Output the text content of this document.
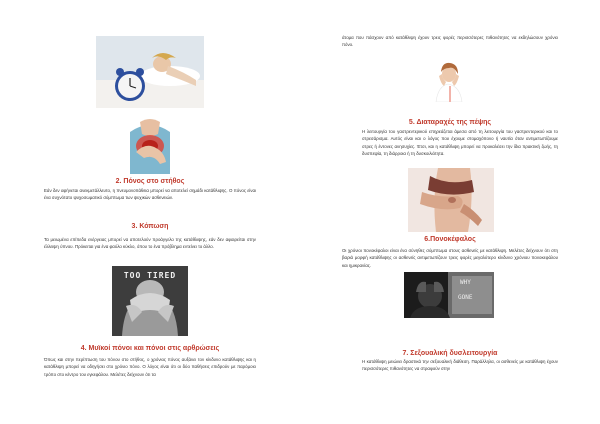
2. Πόνος στο στήθος

Εάν δεν αφήνεται ανεκμετάλλευτο, η πνευμονοπάθεια μπορεί να αποτελεί σημάδι κατάθλιψης. Ο πόνος είναι ένα συχνότατο ψυχοσωματικό σύμπτωμα των ψυχικών ασθενειών.

3. Κόπωση

Τα μειωμένα επίπεδα ενέργειας μπορεί να αποτελούν προάγγελο της κατάθλιψης, εάν δεν αφαιρείται στην έλλειψη ύπνου. Πρόκειται για ένα φαύλο κύκλο, όπου το ένα πρόβλημα εντείνει το άλλο.

TOO TIRED
4. Μυϊκοί πόνοι και πόνοι στις αρθρώσεις

Όπως και στην περίπτωση του πόνου στο στήθος, ο χρόνιος πόνος αυξάνει τον κίνδυνο κατάθλιψης και η κατάθλιψη μπορεί να οδηγήσει στο χρόνιο πόνο. Ο λόγος είναι ότι οι δύο παθήσεις επιδρούν με παρόμοιο τρόπο στο κέντρο του εγκεφάλου. Μελέτες δείχνουν ότι τα

άτομα που πάσχουν από κατάθλιψη έχουν τρεις φορές περισσότερες πιθανότητες να εκδηλώσουν χρόνιο πόνο.

5. Διαταραχές της πέψης

Η λειτουργία του γαστρεντερικού επηρεάζεται άμεσα από τη λειτουργία του γαστρεντερικού και το στρεσάρισμα. Αυτός είναι και ο λόγος που έχουμε στομαχόπονο ή ναυτία όταν αντιμετωπίζουμε στρες ή έντονες ανησυχίες. Έτσι, και η κατάθλιψη μπορεί να προκαλέσει την ίδια πρακτική ζωής, τη δυσπεψία, τη διάρροια ή τη δυσκοιλιότητα.

6.Πονοκέφαλος

Οι χρόνιοι πονοκέφαλοι είναι ένα σύνηθες σύμπτωμα στους ασθενείς με κατάθλιψη. Μελέτες δείχνουν ότι στη βαριά μορφή κατάθλιψης οι ασθενείς αντιμετωπίζουν τρεις φορές μεγαλύτερο κίνδυνο χρόνιου πονοκεφάλου και ημικρανίας.

WHY
GONE
7. Σεξουαλική δυσλειτουργία

Η κατάθλιψη μειώνει δραστικά την σεξουαλική διάθεση. Παράλληλα, οι ασθενείς με κατάθλιψη έχουν περισσότερες πιθανότητες να στραφούν στην
